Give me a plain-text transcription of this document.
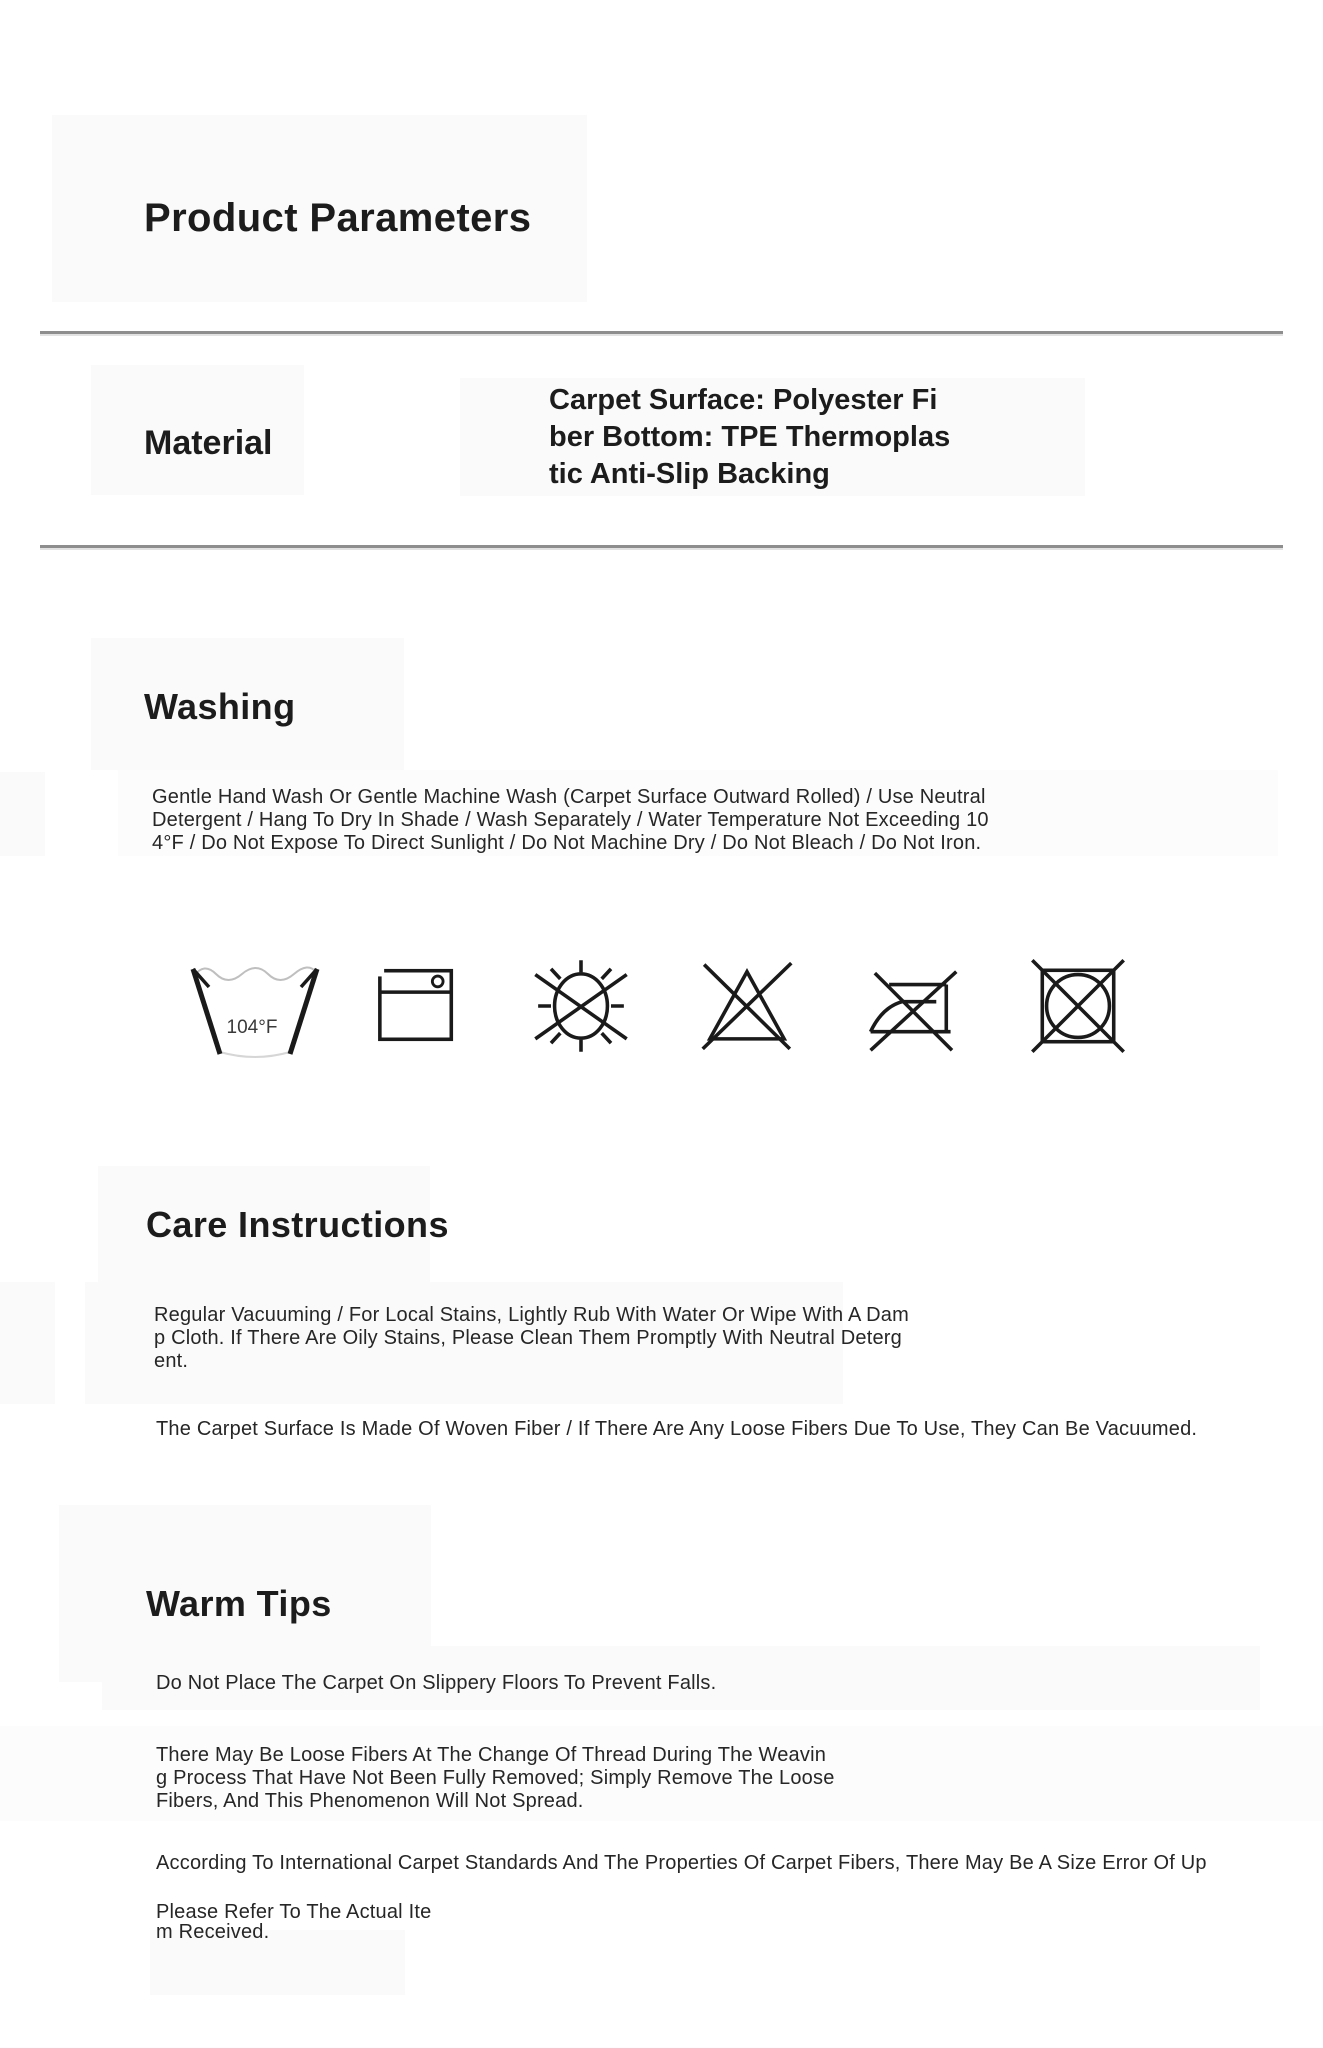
Product Parameters
Material
Carpet Surface: Polyester Fi
ber Bottom: TPE Thermoplas
tic Anti-Slip Backing
Washing
Gentle Hand Wash Or Gentle Machine Wash (Carpet Surface Outward Rolled) / Use Neutral
Detergent / Hang To Dry In Shade / Wash Separately / Water Temperature Not Exceeding 10
4°F / Do Not Expose To Direct Sunlight / Do Not Machine Dry / Do Not Bleach / Do Not Iron.
104°F
Care Instructions
Regular Vacuuming / For Local Stains, Lightly Rub With Water Or Wipe With A Dam
p Cloth. If There Are Oily Stains, Please Clean Them Promptly With Neutral Deterg
ent.
The Carpet Surface Is Made Of Woven Fiber / If There Are Any Loose Fibers Due To Use, They Can Be Vacuumed.
Warm Tips
Do Not Place The Carpet On Slippery Floors To Prevent Falls.
There May Be Loose Fibers At The Change Of Thread During The Weavin
g Process That Have Not Been Fully Removed; Simply Remove The Loose
Fibers, And This Phenomenon Will Not Spread.
According To International Carpet Standards And The Properties Of Carpet Fibers, There May Be A Size Error Of Up
Please Refer To The Actual Ite
m Received.
